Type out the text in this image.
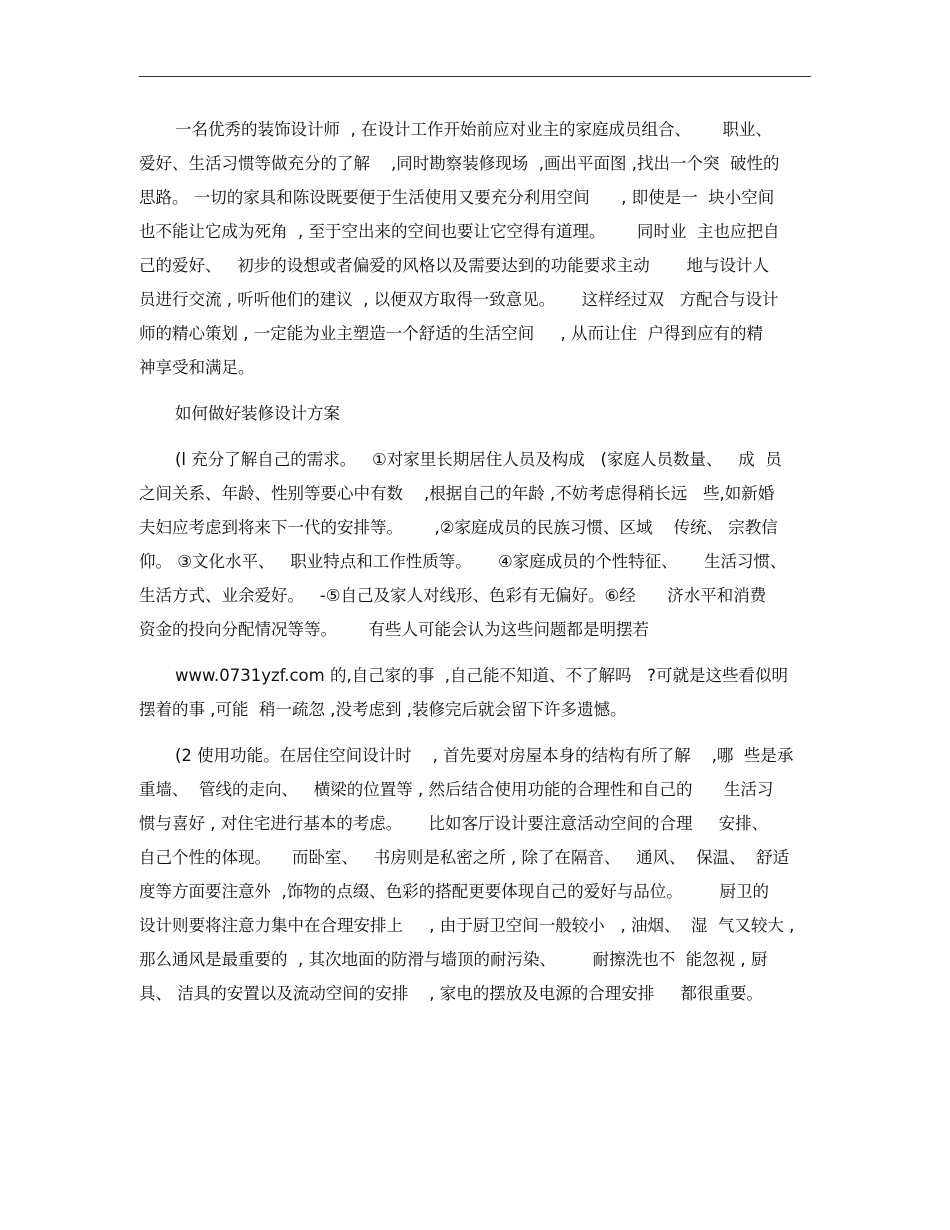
一名优秀的装饰设计师  , 在设计工作开始前应对业主的家庭成员组合、      职业、
爱好、生活习惯等做充分的了解    ,同时勘察装修现场  ,画出平面图 ,找出一个突  破性的
思路。 一切的家具和陈设既要便于生活使用又要充分利用空间      , 即使是一  块小空间
也不能让它成为死角  , 至于空出来的空间也要让它空得有道理。      同时业  主也应把自
己的爱好、   初步的设想或者偏爱的风格以及需要达到的功能要求主动       地与设计人
员进行交流 , 听听他们的建议  , 以便双方取得一致意见。     这样经过双   方配合与设计
师的精心策划 , 一定能为业主塑造一个舒适的生活空间     , 从而让住  户得到应有的精
神享受和满足。
如何做好装修设计方案
(l 充分了解自己的需求。   ①对家里长期居住人员及构成   (家庭人员数量、   成  员
之间关系、年龄、性别等要心中有数    ,根据自己的年龄 ,不妨考虑得稍长远   些,如新婚
夫妇应考虑到将来下一代的安排等。      ,②家庭成员的民族习惯、区域    传统、 宗教信
仰。 ③文化水平、   职业特点和工作性质等。     ④家庭成员的个性特征、     生活习惯、
生活方式、业余爱好。   -⑤自己及家人对线形、色彩有无偏好。⑥经      济水平和消费
资金的投向分配情况等等。      有些人可能会认为这些问题都是明摆若
www.0731yzf.com 的,自己家的事  ,自己能不知道、不了解吗   ?可就是这些看似明
摆着的事 ,可能  稍一疏忽 ,没考虑到 ,装修完后就会留下许多遗憾。
(2 使用功能。在居住空间设计时    , 首先要对房屋本身的结构有所了解    ,哪  些是承
重墙、  管线的走向、   横梁的位置等 , 然后结合使用功能的合理性和自己的      生活习
惯与喜好 , 对住宅进行基本的考虑。     比如客厅设计要注意活动空间的合理     安排、
自己个性的体现。    而卧室、   书房则是私密之所 , 除了在隔音、   通风、  保温、  舒适
度等方面要注意外  ,饰物的点缀、色彩的搭配更要体现自己的爱好与品位。       厨卫的
设计则要将注意力集中在合理安排上     , 由于厨卫空间一般较小   , 油烟、  湿  气又较大 ,
那么通风是最重要的  , 其次地面的防滑与墙顶的耐污染、       耐擦洗也不  能忽视 , 厨
具、 洁具的安置以及流动空间的安排    , 家电的摆放及电源的合理安排     都很重要。
